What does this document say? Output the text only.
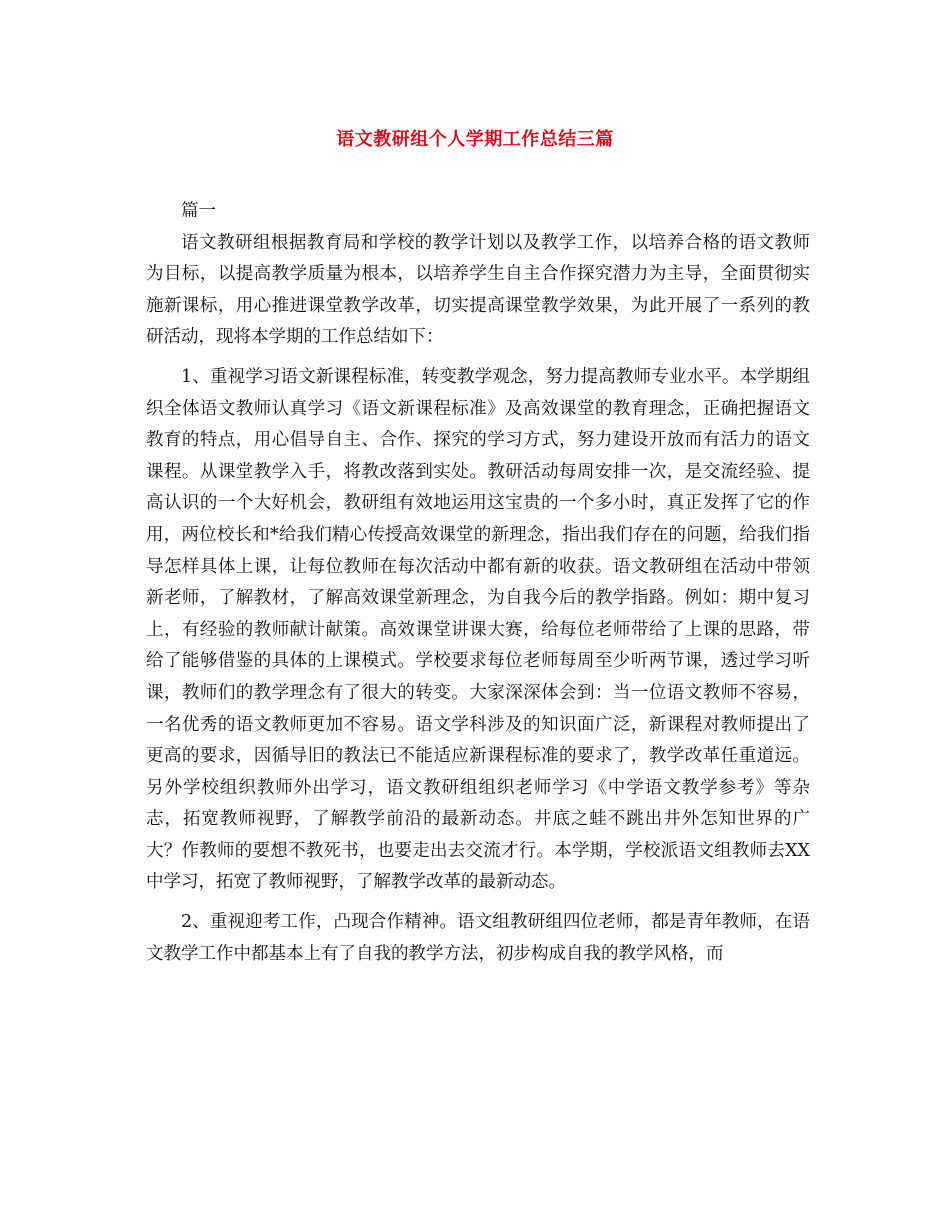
语文教研组个人学期工作总结三篇

篇一

语文教研组根据教育局和学校的教学计划以及教学工作，以培养合格的语文教师为目标，以提高教学质量为根本，以培养学生自主合作探究潜力为主导，全面贯彻实施新课标，用心推进课堂教学改革，切实提高课堂教学效果，为此开展了一系列的教研活动，现将本学期的工作总结如下：

1、重视学习语文新课程标准，转变教学观念，努力提高教师专业水平。本学期组织全体语文教师认真学习《语文新课程标准》及高效课堂的教育理念，正确把握语文教育的特点，用心倡导自主、合作、探究的学习方式，努力建设开放而有活力的语文课程。从课堂教学入手，将教改落到实处。教研活动每周安排一次，是交流经验、提高认识的一个大好机会，教研组有效地运用这宝贵的一个多小时，真正发挥了它的作用，两位校长和*给我们精心传授高效课堂的新理念，指出我们存在的问题，给我们指导怎样具体上课，让每位教师在每次活动中都有新的收获。语文教研组在活动中带领新老师，了解教材，了解高效课堂新理念，为自我今后的教学指路。例如：期中复习上，有经验的教师献计献策。高效课堂讲课大赛，给每位老师带给了上课的思路，带给了能够借鉴的具体的上课模式。学校要求每位老师每周至少听两节课，透过学习听课，教师们的教学理念有了很大的转变。大家深深体会到：当一位语文教师不容易，一名优秀的语文教师更加不容易。语文学科涉及的知识面广泛，新课程对教师提出了更高的要求，因循导旧的教法已不能适应新课程标准的要求了，教学改革任重道远。另外学校组织教师外出学习，语文教研组组织老师学习《中学语文教学参考》等杂志，拓宽教师视野，了解教学前沿的最新动态。井底之蛙不跳出井外怎知世界的广大？作教师的要想不教死书，也要走出去交流才行。本学期，学校派语文组教师去XX中学习，拓宽了教师视野，了解教学改革的最新动态。

2、重视迎考工作，凸现合作精神。语文组教研组四位老师，都是青年教师，在语文教学工作中都基本上有了自我的教学方法，初步构成自我的教学风格，而
